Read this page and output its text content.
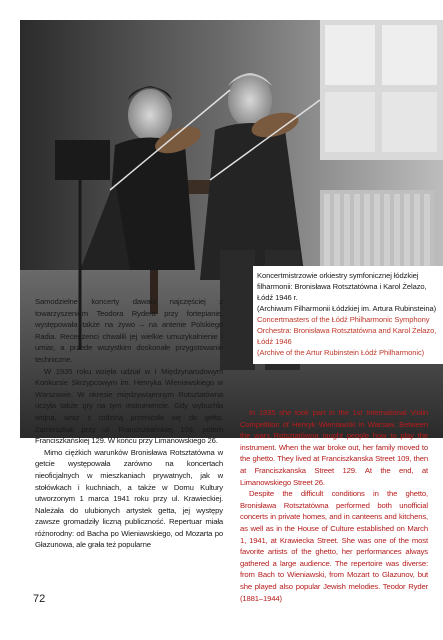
Koncertmistrzowie orkiestry symfonicznej łódzkiej

filharmonii: Bronisława Rotsztatówna i Karol Żelazo,

Łódź 1946 r.

(Archiwum Filharmonii Łódzkiej im. Artura Rubinsteina)

Concertmasters of the Łódź Philharmonic Symphony

Orchestra: Bronisława Rotsztatówna and Karol Żelazo,

Łódź 1946

(Archive of the Artur Rubinstein Łódź Philharmonic)

Samodzielne koncerty dawała najczęściej z towarzyszeniem Teodora Rydera przy fortepianie, występowała także na żywo – na antenie Polskiego Radia. Recenzenci chwalili jej wielkie umuzykalnienie i umiar, a przede wszystkim doskonałe przygotowanie techniczne.

W 1935 roku wzięła udział w I Międzynarodowym Konkursie Skrzypcowym im. Henryka Wieniawskiego w Warszawie. W okresie międzywojennym Rotsztatówna uczyła także gry na tym instrumencie. Gdy wybuchła wojna, wraz z rodziną przeniosła się do getta. Zamieszkali przy ul. Franciszkańskiej 109, potem Franciszkańskiej 129. W końcu przy Limanowskiego 26.

Mimo ciężkich warunków Bronisława Rotsztatówna w getcie występowała zarówno na koncertach nieoficjalnych w mieszkaniach prywatnych, jak w stołówkach i kuchniach, a także w Domu Kultury utworzonym 1 marca 1941 roku przy ul. Krawieckiej. Należała do ulubionych artystek getta, jej występy zawsze gromadziły liczną publiczność. Repertuar miała różnorodny: od Bacha po Wieniawskiego, od Mozarta po Głazunowa, ale grała też popularne

In 1935 she took part in the 1st International Violin Competition of Henryk Wieniawski in Warsaw. Between the wars Rotsztatówna taught people how to play the instrument. When the war broke out, her family moved to the ghetto. They lived at Franciszkanska Street 109, then at Franciszkanska Street 129. At the end, at Limanowskiego Street 26.

Despite the difficult conditions in the ghetto, Bronisława Rotsztatówna performed both unofficial concerts in private homes, and in canteens and kitchens, as well as in the House of Culture established on March 1, 1941, at Krawiecka Street. She was one of the most favorite artists of the ghetto, her performances always gathered a large audience. The repertoire was diverse: from Bach to Wieniawski, from Mozart to Glazunov, but she played also popular Jewish melodies. Teodor Ryder (1881–1944)

72
